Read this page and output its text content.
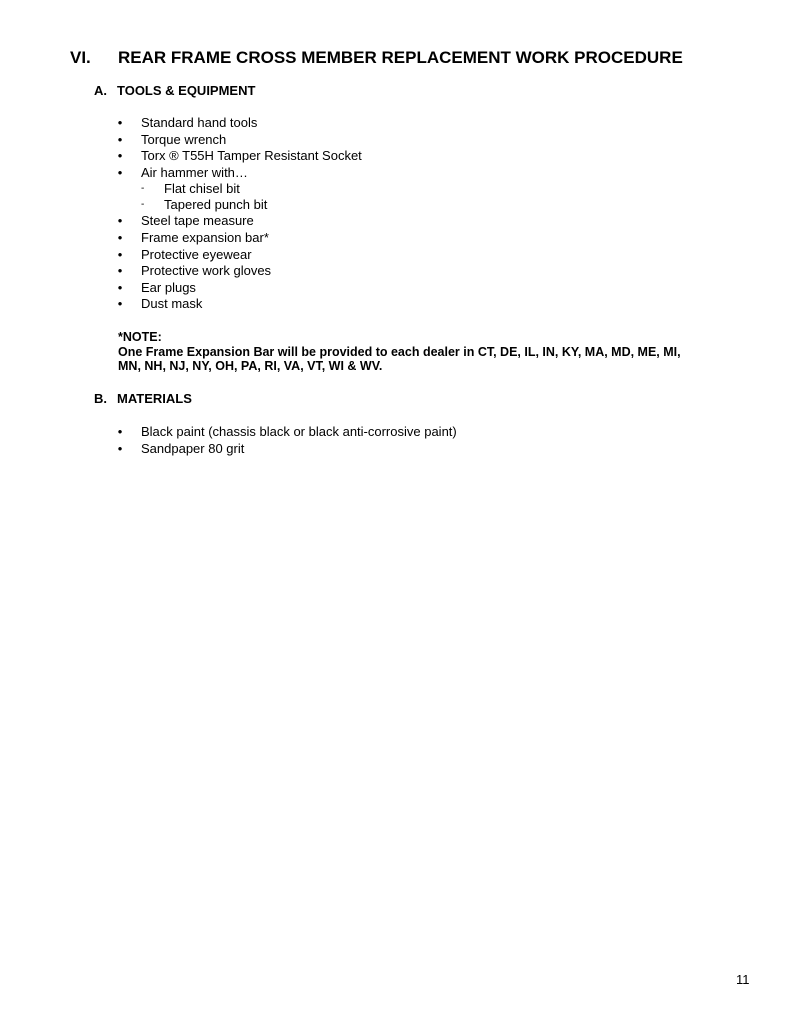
VI. REAR FRAME CROSS MEMBER REPLACEMENT WORK PROCEDURE
A. TOOLS & EQUIPMENT
• Standard hand tools
• Torque wrench
• Torx ® T55H Tamper Resistant Socket
• Air hammer with…
- Flat chisel bit
- Tapered punch bit
• Steel tape measure
• Frame expansion bar*
• Protective eyewear
• Protective work gloves
• Ear plugs
• Dust mask
*NOTE:
One Frame Expansion Bar will be provided to each dealer in CT, DE, IL, IN, KY, MA, MD, ME, MI,
MN, NH, NJ, NY, OH, PA, RI, VA, VT, WI & WV.
B. MATERIALS
• Black paint (chassis black or black anti-corrosive paint)
• Sandpaper 80 grit
11
